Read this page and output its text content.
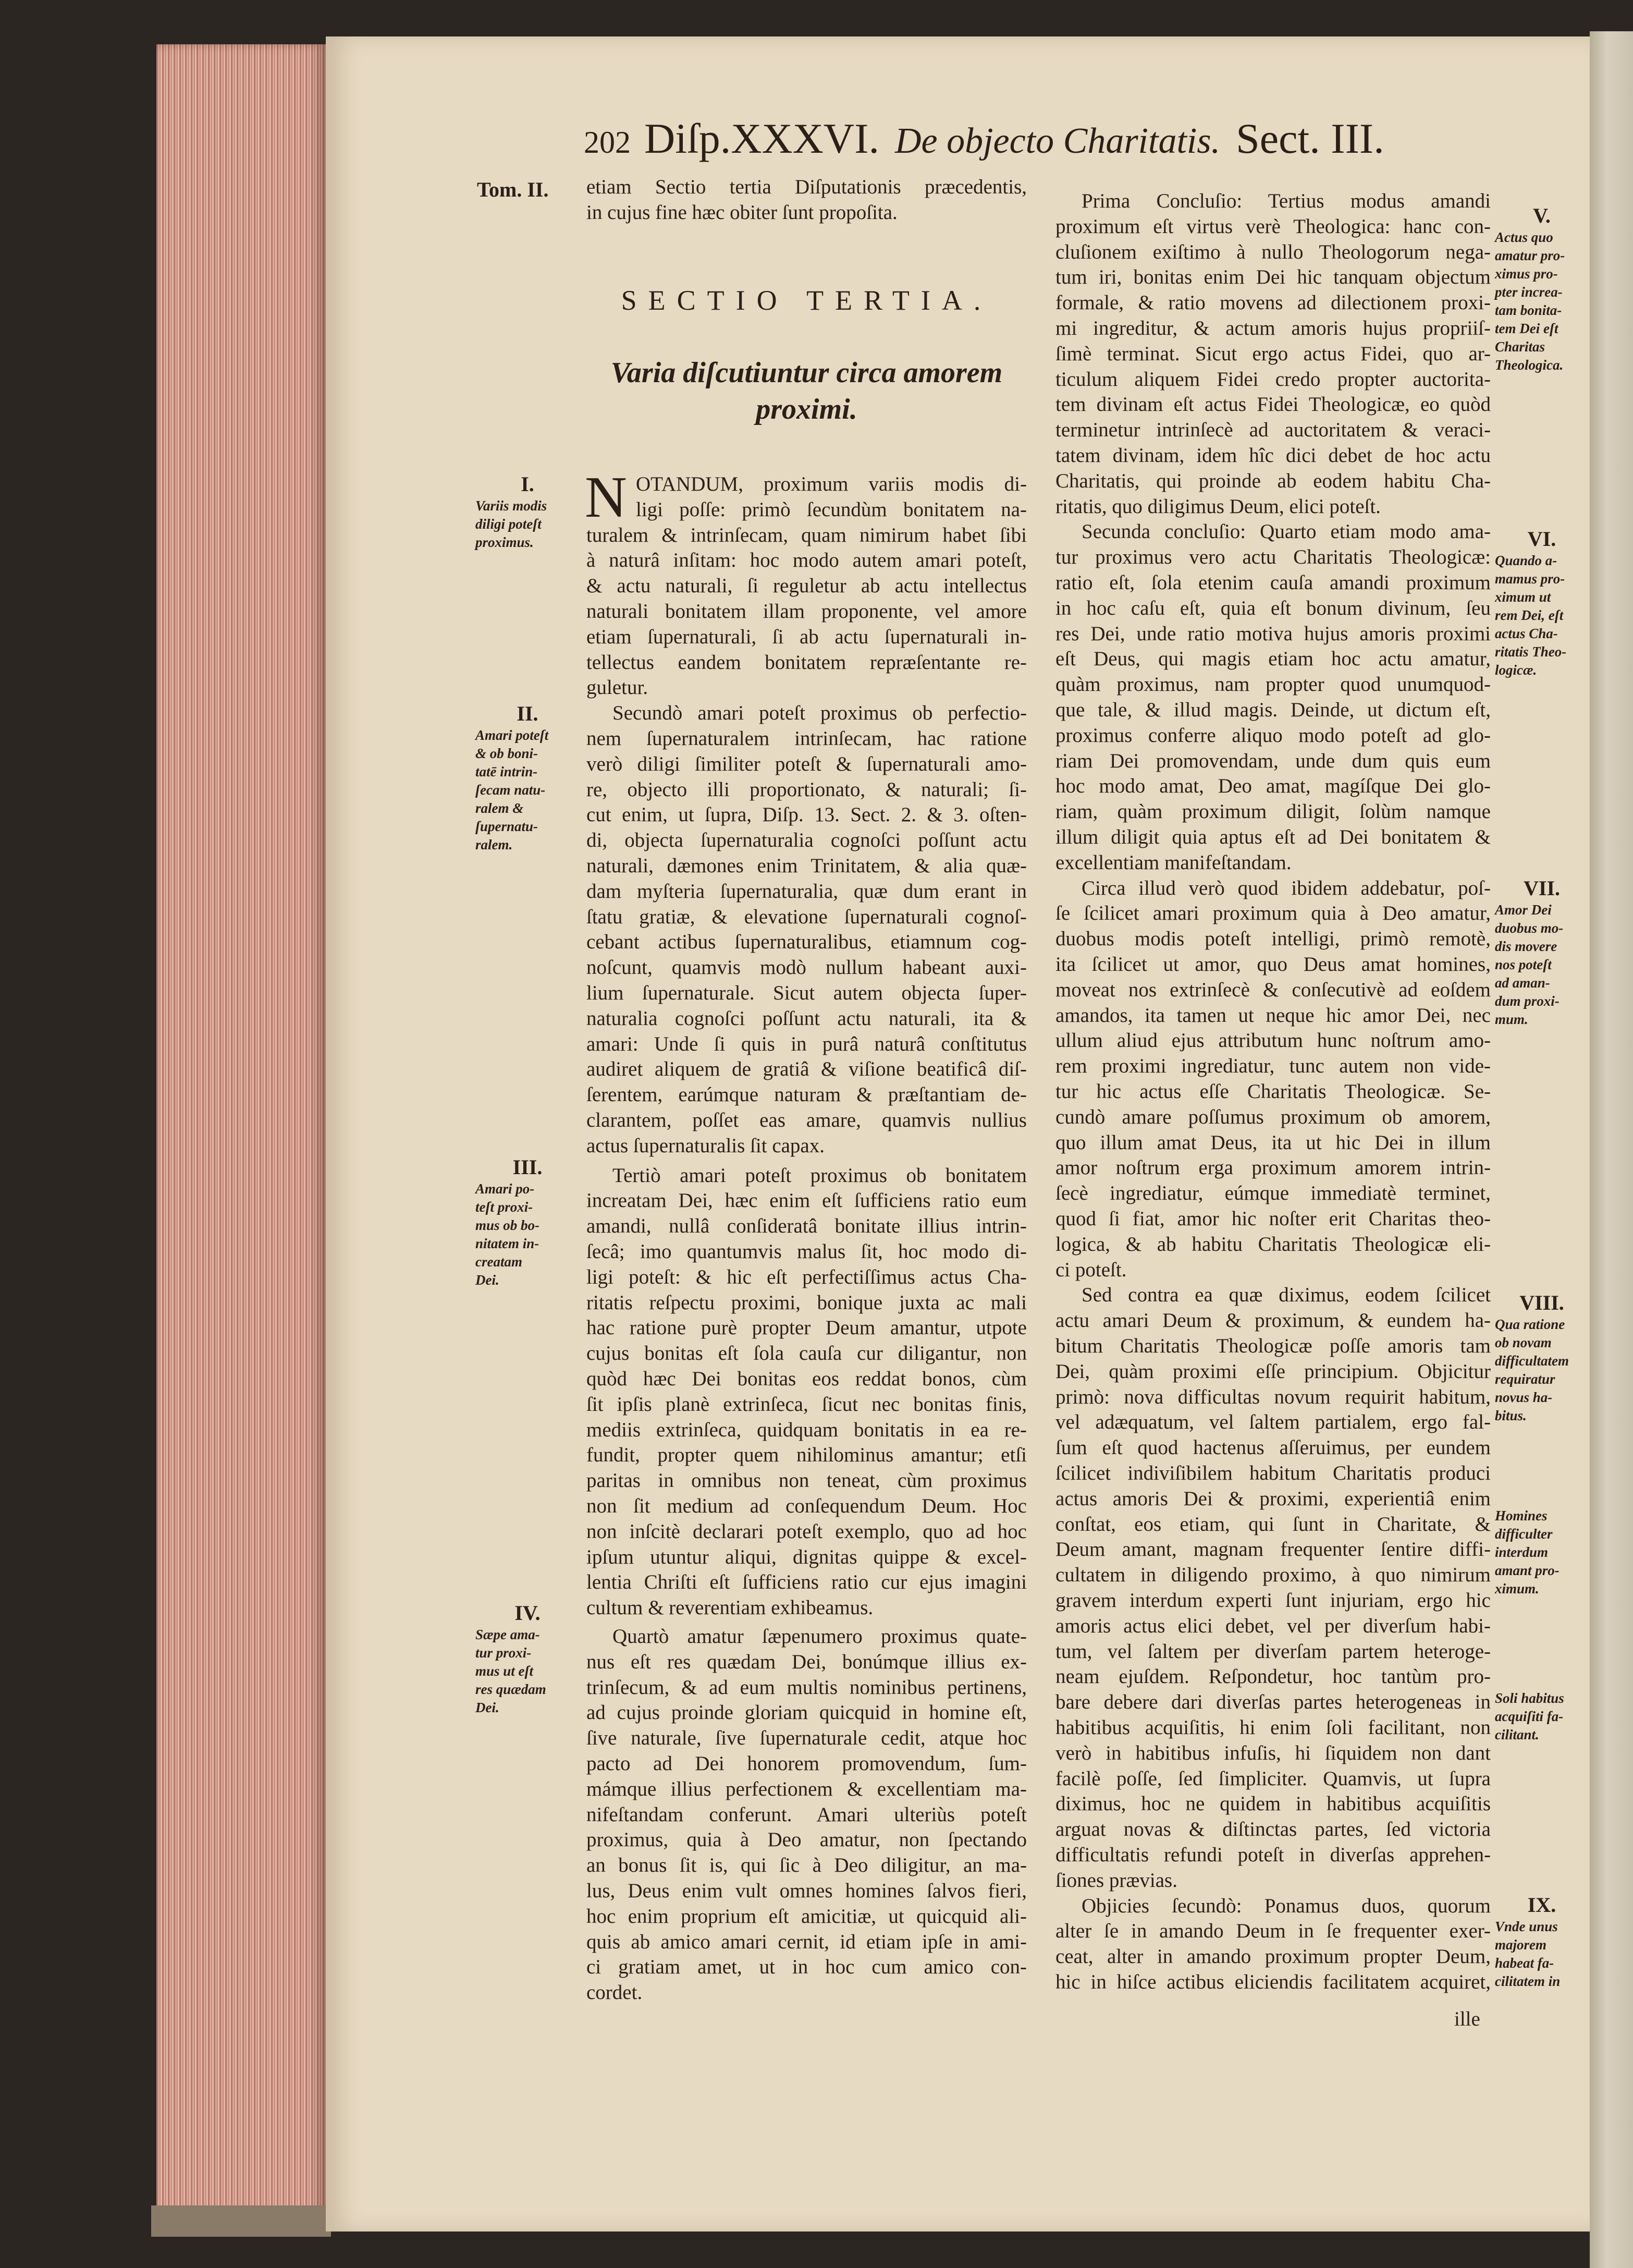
202 Diſp.XXXVI. De objecto Charitatis. Sect. III.
Tom. II.
SECTIO TERTIA.
Varia diſcutiuntur circa amorem
proximi.
N
etiam Sectio tertia Diſputationis præcedentis,
in cujus fine hæc obiter ſunt propoſita.
OTANDUM, proximum variis modis di-
ligi poſſe: primò ſecundùm bonitatem na-
turalem & intrinſecam, quam nimirum habet ſibi
à naturâ inſitam: hoc modo autem amari poteſt,
& actu naturali, ſi reguletur ab actu intellectus
naturali bonitatem illam proponente, vel amore
etiam ſupernaturali, ſi ab actu ſupernaturali in-
tellectus eandem bonitatem repræſentante re-
guletur.
Secundò amari poteſt proximus ob perfectio-
nem ſupernaturalem intrinſecam, hac ratione
verò diligi ſimiliter poteſt & ſupernaturali amo-
re, objecto illi proportionato, & naturali; ſi-
cut enim, ut ſupra, Diſp. 13. Sect. 2. & 3. oſten-
di, objecta ſupernaturalia cognoſci poſſunt actu
naturali, dæmones enim Trinitatem, & alia quæ-
dam myſteria ſupernaturalia, quæ dum erant in
ſtatu gratiæ, & elevatione ſupernaturali cognoſ-
cebant actibus ſupernaturalibus, etiamnum cog-
noſcunt, quamvis modò nullum habeant auxi-
lium ſupernaturale. Sicut autem objecta ſuper-
naturalia cognoſci poſſunt actu naturali, ita &
amari: Unde ſi quis in purâ naturâ conſtitutus
audiret aliquem de gratiâ & viſione beatificâ diſ-
ſerentem, earúmque naturam & præſtantiam de-
clarantem, poſſet eas amare, quamvis nullius
actus ſupernaturalis ſit capax.
Tertiò amari poteſt proximus ob bonitatem
increatam Dei, hæc enim eſt ſufficiens ratio eum
amandi, nullâ conſideratâ bonitate illius intrin-
ſecâ; imo quantumvis malus ſit, hoc modo di-
ligi poteſt: & hic eſt perfectiſſimus actus Cha-
ritatis reſpectu proximi, bonique juxta ac mali
hac ratione purè propter Deum amantur, utpote
cujus bonitas eſt ſola cauſa cur diligantur, non
quòd hæc Dei bonitas eos reddat bonos, cùm
ſit ipſis planè extrinſeca, ſicut nec bonitas finis,
mediis extrinſeca, quidquam bonitatis in ea re-
fundit, propter quem nihilominus amantur; etſi
paritas in omnibus non teneat, cùm proximus
non ſit medium ad conſequendum Deum. Hoc
non inſcitè declarari poteſt exemplo, quo ad hoc
ipſum utuntur aliqui, dignitas quippe & excel-
lentia Chriſti eſt ſufficiens ratio cur ejus imagini
cultum & reverentiam exhibeamus.
Quartò amatur ſæpenumero proximus quate-
nus eſt res quædam Dei, bonúmque illius ex-
trinſecum, & ad eum multis nominibus pertinens,
ad cujus proinde gloriam quicquid in homine eſt,
ſive naturale, ſive ſupernaturale cedit, atque hoc
pacto ad Dei honorem promovendum, ſum-
mámque illius perfectionem & excellentiam ma-
nifeſtandam conferunt. Amari ulteriùs poteſt
proximus, quia à Deo amatur, non ſpectando
an bonus ſit is, qui ſic à Deo diligitur, an ma-
lus, Deus enim vult omnes homines ſalvos fieri,
hoc enim proprium eſt amicitiæ, ut quicquid ali-
quis ab amico amari cernit, id etiam ipſe in ami-
ci gratiam amet, ut in hoc cum amico con-
cordet.
Prima Concluſio: Tertius modus amandi
proximum eſt virtus verè Theologica: hanc con-
cluſionem exiſtimo à nullo Theologorum nega-
tum iri, bonitas enim Dei hic tanquam objectum
formale, & ratio movens ad dilectionem proxi-
mi ingreditur, & actum amoris hujus propriiſ-
ſimè terminat. Sicut ergo actus Fidei, quo ar-
ticulum aliquem Fidei credo propter auctorita-
tem divinam eſt actus Fidei Theologicæ, eo quòd
terminetur intrinſecè ad auctoritatem & veraci-
tatem divinam, idem hîc dici debet de hoc actu
Charitatis, qui proinde ab eodem habitu Cha-
ritatis, quo diligimus Deum, elici poteſt.
Secunda concluſio: Quarto etiam modo ama-
tur proximus vero actu Charitatis Theologicæ:
ratio eſt, ſola etenim cauſa amandi proximum
in hoc caſu eſt, quia eſt bonum divinum, ſeu
res Dei, unde ratio motiva hujus amoris proximi
eſt Deus, qui magis etiam hoc actu amatur,
quàm proximus, nam propter quod unumquod-
que tale, & illud magis. Deinde, ut dictum eſt,
proximus conferre aliquo modo poteſt ad glo-
riam Dei promovendam, unde dum quis eum
hoc modo amat, Deo amat, magíſque Dei glo-
riam, quàm proximum diligit, ſolùm namque
illum diligit quia aptus eſt ad Dei bonitatem &
excellentiam manifeſtandam.
Circa illud verò quod ibidem addebatur, poſ-
ſe ſcilicet amari proximum quia à Deo amatur,
duobus modis poteſt intelligi, primò remotè,
ita ſcilicet ut amor, quo Deus amat homines,
moveat nos extrinſecè & conſecutivè ad eoſdem
amandos, ita tamen ut neque hic amor Dei, nec
ullum aliud ejus attributum hunc noſtrum amo-
rem proximi ingrediatur, tunc autem non vide-
tur hic actus eſſe Charitatis Theologicæ. Se-
cundò amare poſſumus proximum ob amorem,
quo illum amat Deus, ita ut hic Dei in illum
amor noſtrum erga proximum amorem intrin-
ſecè ingrediatur, eúmque immediatè terminet,
quod ſi fiat, amor hic noſter erit Charitas theo-
logica, & ab habitu Charitatis Theologicæ eli-
ci poteſt.
Sed contra ea quæ diximus, eodem ſcilicet
actu amari Deum & proximum, & eundem ha-
bitum Charitatis Theologicæ poſſe amoris tam
Dei, quàm proximi eſſe principium. Objicitur
primò: nova difficultas novum requirit habitum,
vel adæquatum, vel ſaltem partialem, ergo fal-
ſum eſt quod hactenus aſſeruimus, per eundem
ſcilicet indiviſibilem habitum Charitatis produci
actus amoris Dei & proximi, experientiâ enim
conſtat, eos etiam, qui ſunt in Charitate, &
Deum amant, magnam frequenter ſentire diffi-
cultatem in diligendo proximo, à quo nimirum
gravem interdum experti ſunt injuriam, ergo hic
amoris actus elici debet, vel per diverſum habi-
tum, vel ſaltem per diverſam partem heteroge-
neam ejuſdem. Reſpondetur, hoc tantùm pro-
bare debere dari diverſas partes heterogeneas in
habitibus acquiſitis, hi enim ſoli facilitant, non
verò in habitibus infuſis, hi ſiquidem non dant
facilè poſſe, ſed ſimpliciter. Quamvis, ut ſupra
diximus, hoc ne quidem in habitibus acquiſitis
arguat novas & diſtinctas partes, ſed victoria
difficultatis refundi poteſt in diverſas apprehen-
ſiones prævias.
Objicies ſecundò: Ponamus duos, quorum
alter ſe in amando Deum in ſe frequenter exer-
ceat, alter in amando proximum propter Deum,
hic in hiſce actibus eliciendis facilitatem acquiret,
ille
I.
Variis modis
diligi poteſt
proximus.
II.
Amari poteſt
& ob boni-
tatē intrin-
ſecam natu-
ralem &
ſupernatu-
ralem.
III.
Amari po-
teſt proxi-
mus ob bo-
nitatem in-
creatam
Dei.
IV.
Sæpe ama-
tur proxi-
mus ut eſt
res quædam
Dei.
V.
Actus quo
amatur pro-
ximus pro-
pter increa-
tam bonita-
tem Dei eſt
Charitas
Theologica.
VI.
Quando a-
mamus pro-
ximum ut
rem Dei, eſt
actus Cha-
ritatis Theo-
logicæ.
VII.
Amor Dei
duobus mo-
dis movere
nos poteſt
ad aman-
dum proxi-
mum.
VIII.
Qua ratione
ob novam
difficultatem
requiratur
novus ha-
bitus.
Homines
difficulter
interdum
amant pro-
ximum.
Soli habitus
acquiſiti fa-
cilitant.
IX.
Vnde unus
majorem
habeat fa-
cilitatem in
